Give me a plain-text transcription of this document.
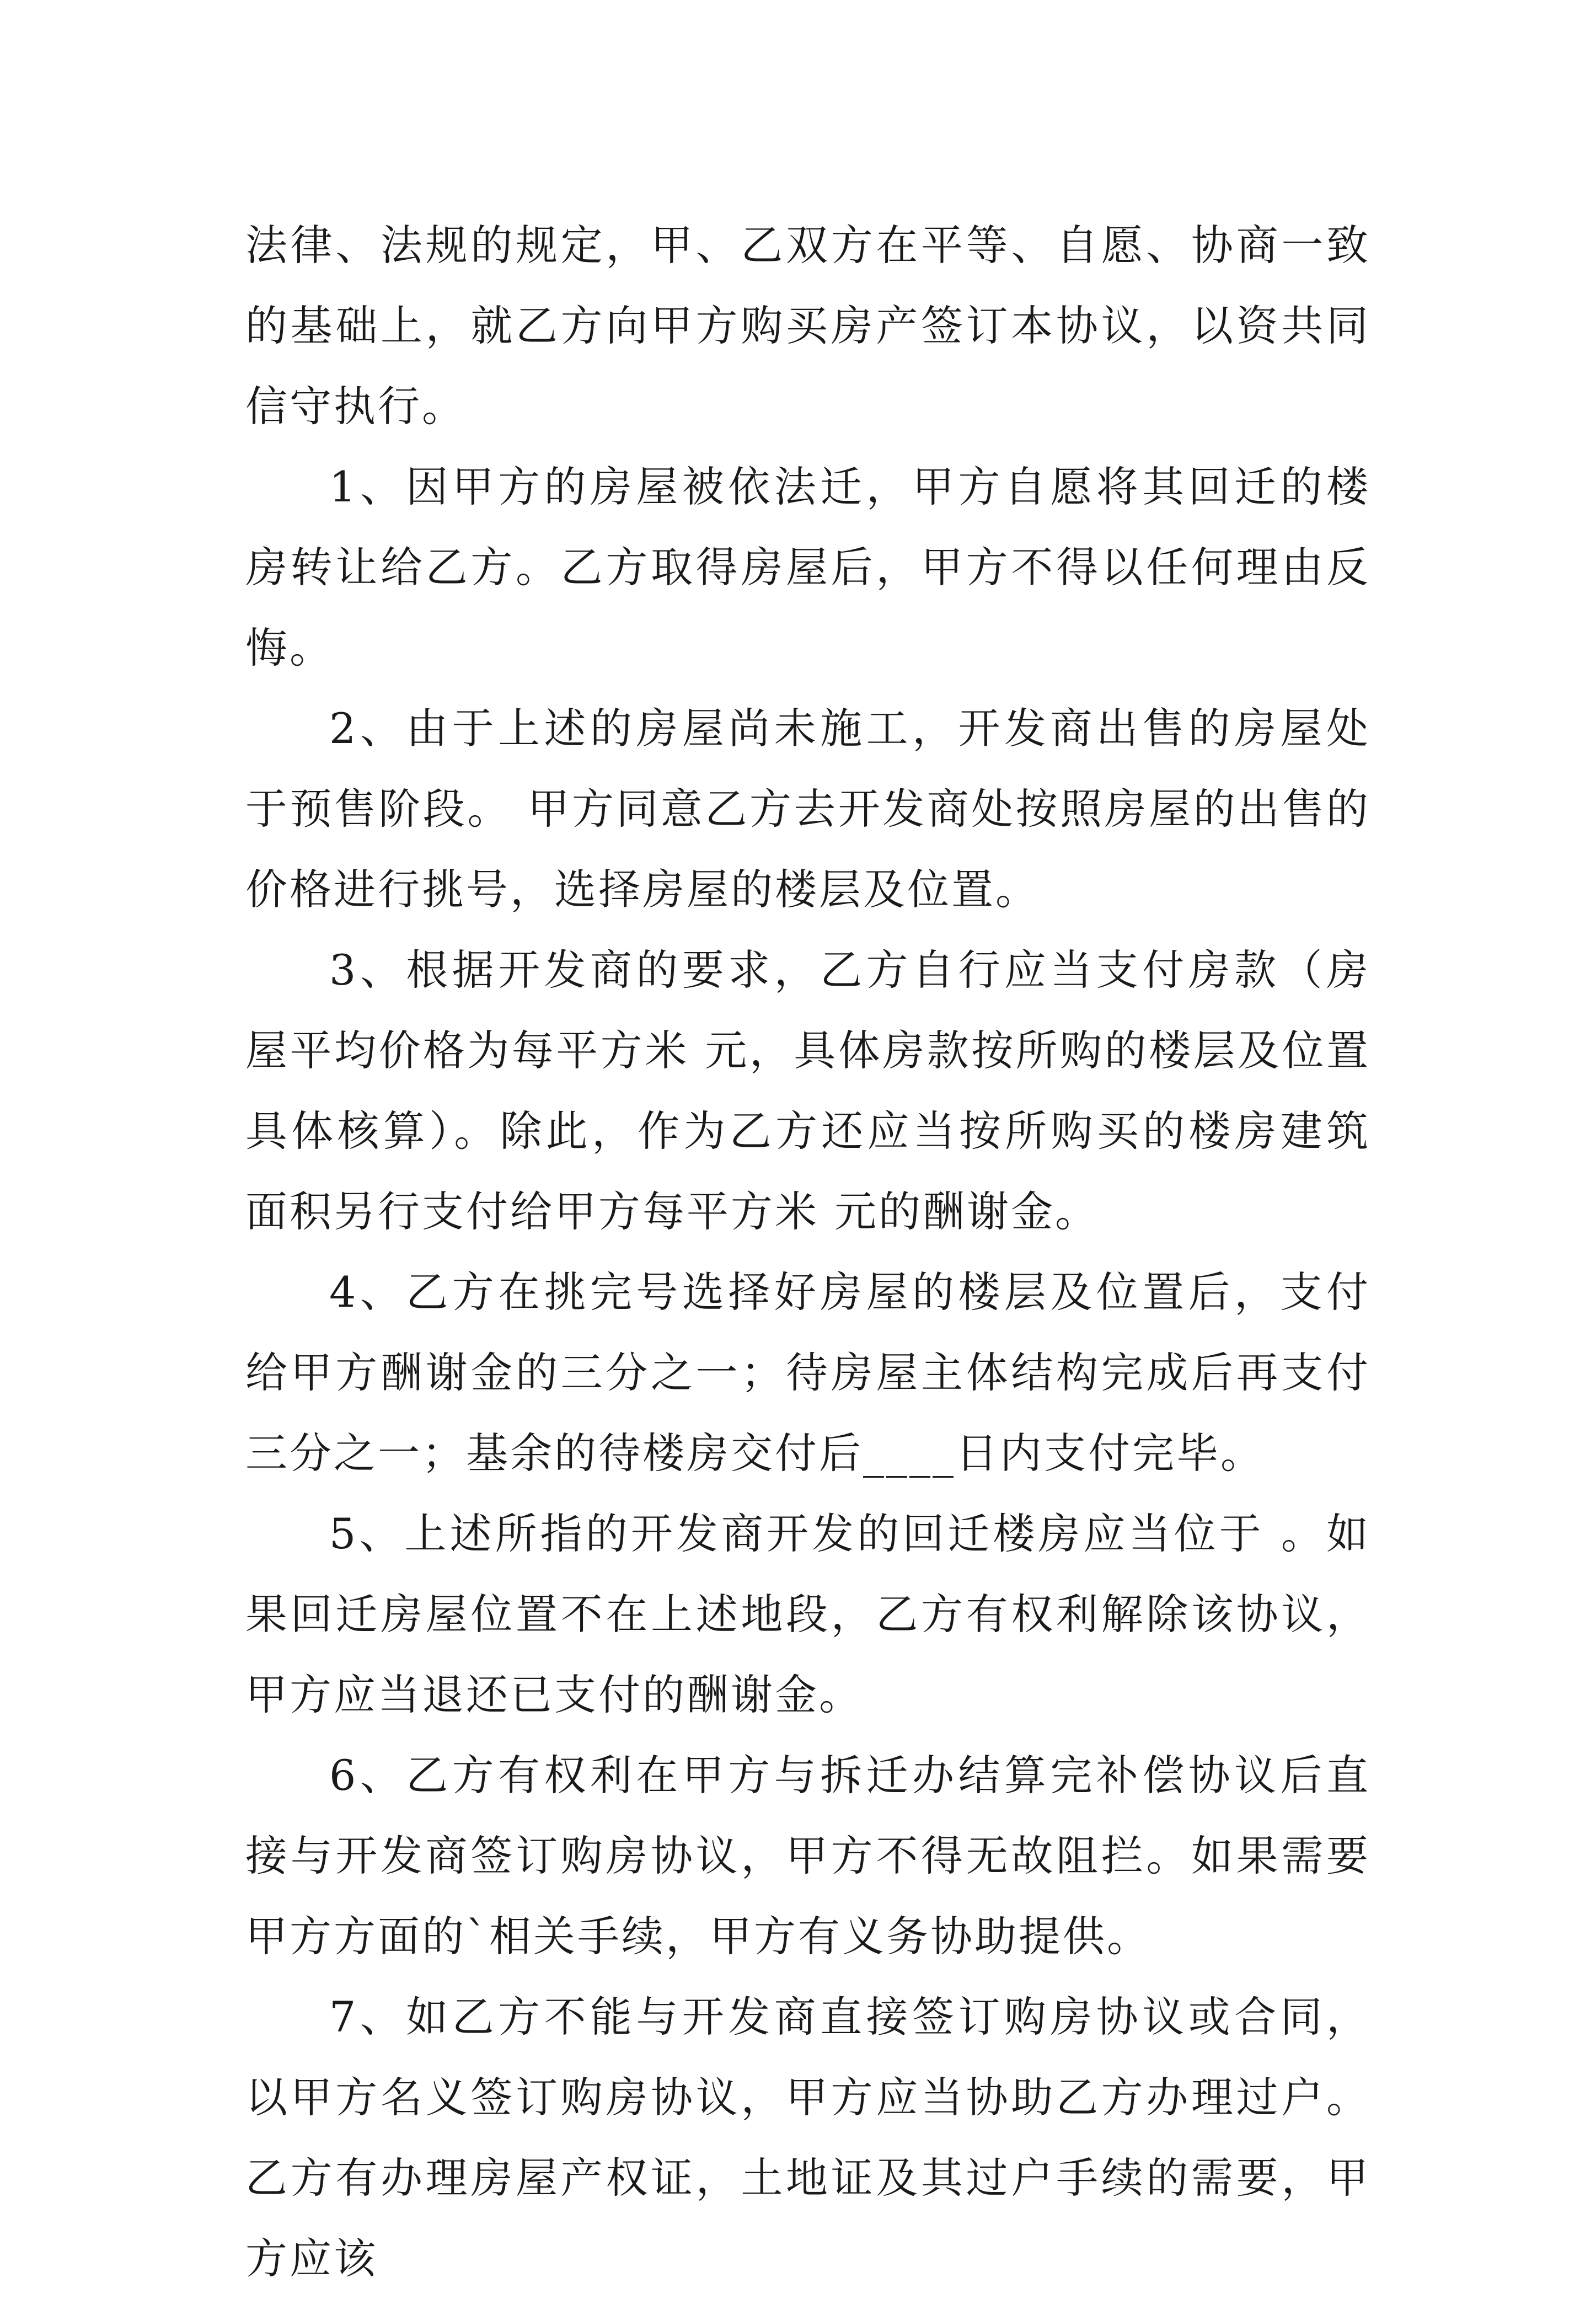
法律、法规的规定，甲、乙双方在平等、自愿、协商一致的基础上，就乙方向甲方购买房产签订本协议，以资共同信守执行。

1、因甲方的房屋被依法迁，甲方自愿将其回迁的楼房转让给乙方。乙方取得房屋后，甲方不得以任何理由反悔。

2、由于上述的房屋尚未施工，开发商出售的房屋处于预售阶段。 甲方同意乙方去开发商处按照房屋的出售的价格进行挑号，选择房屋的楼层及位置。

3、根据开发商的要求，乙方自行应当支付房款（房屋平均价格为每平方米 元，具体房款按所购的楼层及位置具体核算）。除此，作为乙方还应当按所购买的楼房建筑面积另行支付给甲方每平方米 元的酬谢金。

4、乙方在挑完号选择好房屋的楼层及位置后，支付给甲方酬谢金的三分之一；待房屋主体结构完成后再支付三分之一；基余的待楼房交付后____日内支付完毕。

5、上述所指的开发商开发的回迁楼房应当位于 。如果回迁房屋位置不在上述地段，乙方有权利解除该协议，甲方应当退还已支付的酬谢金。

6、乙方有权利在甲方与拆迁办结算完补偿协议后直接与开发商签订购房协议，甲方不得无故阻拦。如果需要甲方方面的`相关手续，甲方有义务协助提供。

7、如乙方不能与开发商直接签订购房协议或合同，以甲方名义签订购房协议，甲方应当协助乙方办理过户。乙方有办理房屋产权证，土地证及其过户手续的需要，甲方应该
